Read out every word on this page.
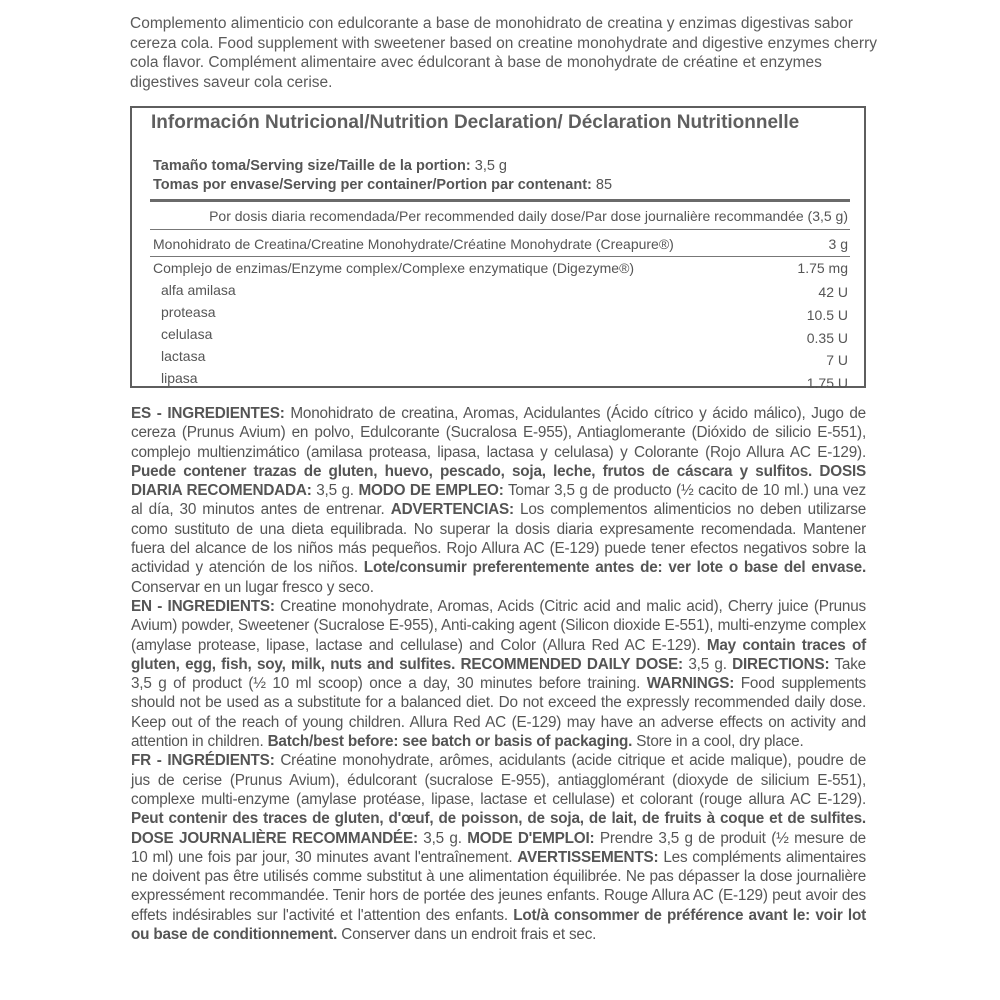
Complemento alimenticio con edulcorante a base de monohidrato de creatina y enzimas digestivas sabor cereza cola. Food supplement with sweetener based on creatine monohydrate and digestive enzymes cherry cola flavor. Complément alimentaire avec édulcorant à base de monohydrate de créatine et enzymes digestives saveur cola cerise.

Información Nutricional/Nutrition Declaration/ Déclaration Nutritionnelle
Tamaño toma/Serving size/Taille de la portion: 3,5 g
Tomas por envase/Serving per container/Portion par contenant: 85
Por dosis diaria recomendada/Per recommended daily dose/Par dose journalière recommandée (3,5 g)
Monohidrato de Creatina/Creatine Monohydrate/Créatine Monohydrate (Creapure®)	3 g
Complejo de enzimas/Enzyme complex/Complexe enzymatique (Digezyme®)	1.75 mg
alfa amilasa	42 U
proteasa	10.5 U
celulasa	0.35 U
lactasa	7 U
lipasa	1.75 U

ES - INGREDIENTES: Monohidrato de creatina, Aromas, Acidulantes (Ácido cítrico y ácido málico), Jugo de cereza (Prunus Avium) en polvo, Edulcorante (Sucralosa E-955), Antiaglomerante (Dióxido de silicio E-551), complejo multienzimático (amilasa proteasa, lipasa, lactasa y celulasa) y Colorante (Rojo Allura AC E-129). Puede contener trazas de gluten, huevo, pescado, soja, leche, frutos de cáscara y sulfitos. DOSIS DIARIA RECOMENDADA: 3,5 g. MODO DE EMPLEO: Tomar 3,5 g de producto (½ cacito de 10 ml.) una vez al día, 30 minutos antes de entrenar. ADVERTENCIAS: Los complementos alimenticios no deben utilizarse como sustituto de una dieta equilibrada. No superar la dosis diaria expresamente recomendada. Mantener fuera del alcance de los niños más pequeños. Rojo Allura AC (E-129) puede tener efectos negativos sobre la actividad y atención de los niños. Lote/consumir preferentemente antes de: ver lote o base del envase. Conservar en un lugar fresco y seco.

EN - INGREDIENTS: Creatine monohydrate, Aromas, Acids (Citric acid and malic acid), Cherry juice (Prunus Avium) powder, Sweetener (Sucralose E-955), Anti-caking agent (Silicon dioxide E-551), multi-enzyme complex (amylase protease, lipase, lactase and cellulase) and Color (Allura Red AC E-129). May contain traces of gluten, egg, fish, soy, milk, nuts and sulfites. RECOMMENDED DAILY DOSE: 3,5 g. DIRECTIONS: Take 3,5 g of product (½ 10 ml scoop) once a day, 30 minutes before training. WARNINGS: Food supplements should not be used as a substitute for a balanced diet. Do not exceed the expressly recommended daily dose. Keep out of the reach of young children. Allura Red AC (E-129) may have an adverse effects on activity and attention in children. Batch/best before: see batch or basis of packaging. Store in a cool, dry place.

FR - INGRÉDIENTS: Créatine monohydrate, arômes, acidulants (acide citrique et acide malique), poudre de jus de cerise (Prunus Avium), édulcorant (sucralose E-955), antiagglomérant (dioxyde de silicium E-551), complexe multi-enzyme (amylase protéase, lipase, lactase et cellulase) et colorant (rouge allura AC E-129). Peut contenir des traces de gluten, d'œuf, de poisson, de soja, de lait, de fruits à coque et de sulfites. DOSE JOURNALIÈRE RECOMMANDÉE: 3,5 g. MODE D'EMPLOI: Prendre 3,5 g de produit (½ mesure de 10 ml) une fois par jour, 30 minutes avant l'entraînement. AVERTISSEMENTS: Les compléments alimentaires ne doivent pas être utilisés comme substitut à une alimentation équilibrée. Ne pas dépasser la dose journalière expressément recommandée. Tenir hors de portée des jeunes enfants. Rouge Allura AC (E-129) peut avoir des effets indésirables sur l'activité et l'attention des enfants. Lot/à consommer de préférence avant le: voir lot ou base de conditionnement. Conserver dans un endroit frais et sec.
